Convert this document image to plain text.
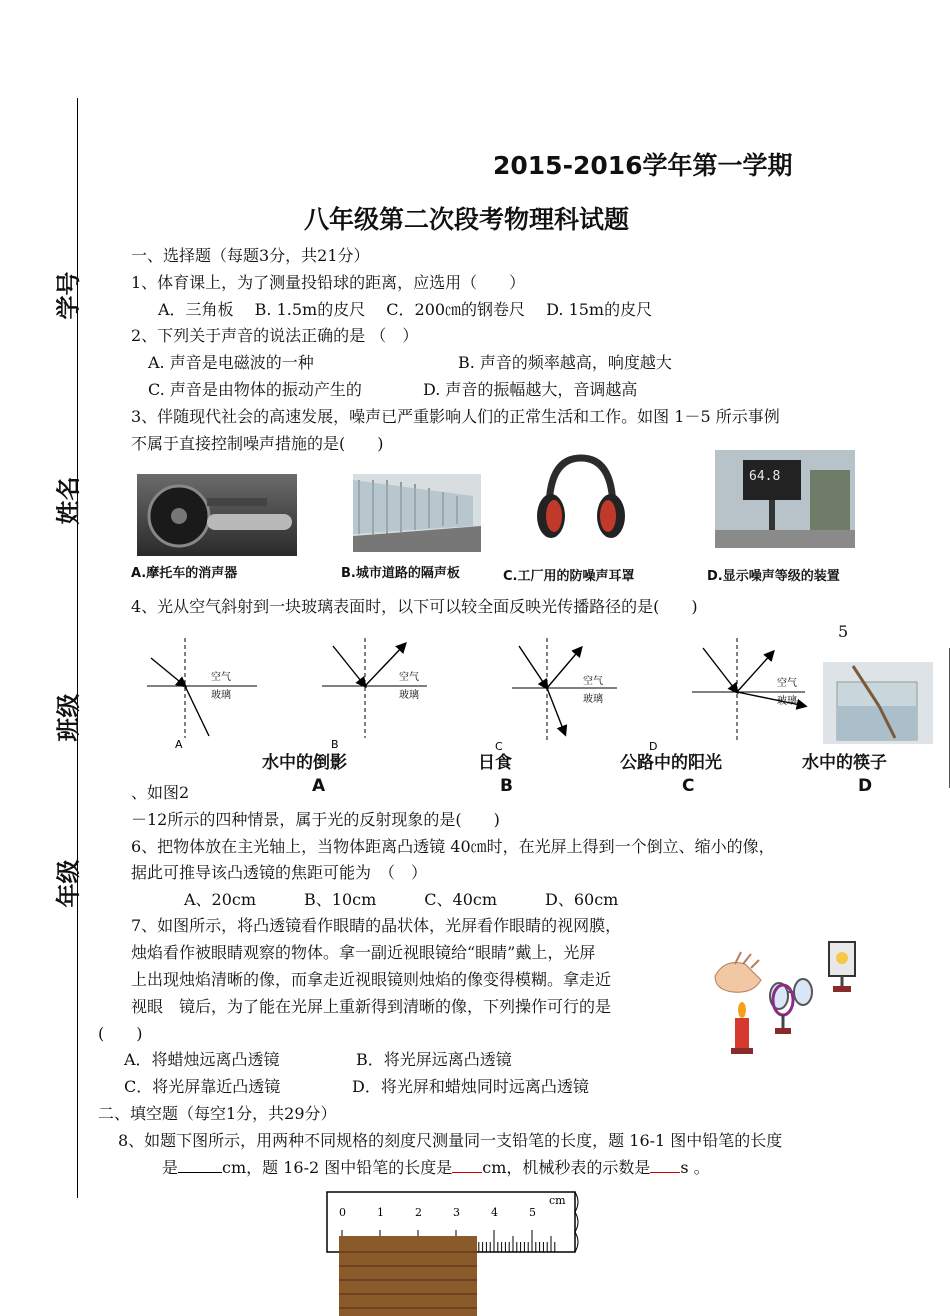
学号
姓名
班级
年级
2015-2016学年第一学期
八年级第二次段考物理科试题
一、选择题（每题3分，共21分）
1、体育课上，为了测量投铅球的距离，应选用（　　）
A．三角板　 B. 1.5m的皮尺　 C．200㎝的钢卷尺　 D. 15m的皮尺
2、下列关于声音的说法正确的是 （　）
A. 声音是电磁波的一种	B. 声音的频率越高，响度越大
C. 声音是由物体的振动产生的	D. 声音的振幅越大，音调越高
3、伴随现代社会的高速发展，噪声已严重影响人们的正常生活和工作。如图 1－5 所示事例
不属于直接控制噪声措施的是(　　)
64.8
A.摩托车的消声器	B.城市道路的隔声板	C.工厂用的防噪声耳罩	D.显示噪声等级的装置
4、光从空气斜射到一块玻璃表面时，以下可以较全面反映光传播路径的是(　　)
5
空气
玻璃
A
空气
玻璃
B
空气
玻璃
C
空气
玻璃
D
水中的倒影	日食	公路中的阳光	水中的筷子
A	B	C	D
、如图2
－12所示的四种情景，属于光的反射现象的是(　　)
6、把物体放在主光轴上，当物体距离凸透镜 40㎝时，在光屏上得到一个倒立、缩小的像，
据此可推导该凸透镜的焦距可能为　（　）
A、20cm　　　B、10cm　　　C、40cm　　　D、60cm
7、如图所示，将凸透镜看作眼睛的晶状体，光屏看作眼睛的视网膜，
烛焰看作被眼睛观察的物体。拿一副近视眼镜给“眼睛”戴上，光屏
上出现烛焰清晰的像，而拿走近视眼镜则烛焰的像变得模糊。拿走近
视眼　镜后，为了能在光屏上重新得到清晰的像，下列操作可行的是
(　　)
A．将蜡烛远离凸透镜	B．将光屏远离凸透镜
C．将光屏靠近凸透镜	D．将光屏和蜡烛同时远离凸透镜
二、填空题（每空1分，共29分）
8、如题下图所示，用两种不同规格的刻度尺测量同一支铅笔的长度，题 16-1 图中铅笔的长度
是	cm，题 16-2 图中铅笔的长度是 cm，机械秒表的示数是 s 。
0	1	2	3	4	5
cm
